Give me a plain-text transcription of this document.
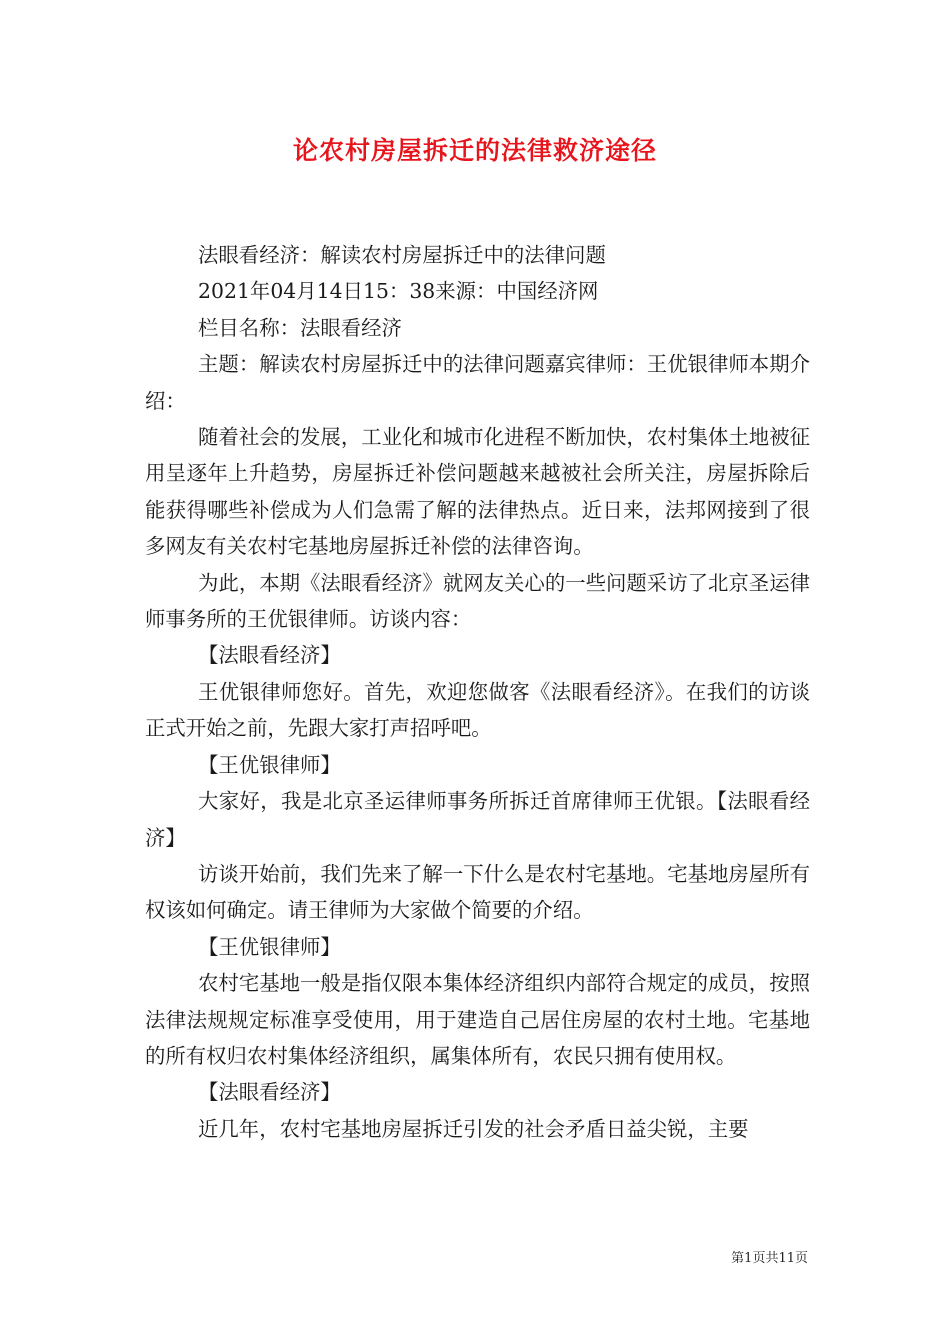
论农村房屋拆迁的法律救济途径

法眼看经济：解读农村房屋拆迁中的法律问题

2021年04月14日15：38来源：中国经济网

栏目名称：法眼看经济

主题：解读农村房屋拆迁中的法律问题嘉宾律师：王优银律师本期介绍：

随着社会的发展，工业化和城市化进程不断加快，农村集体土地被征用呈逐年上升趋势，房屋拆迁补偿问题越来越被社会所关注，房屋拆除后能获得哪些补偿成为人们急需了解的法律热点。近日来，法邦网接到了很多网友有关农村宅基地房屋拆迁补偿的法律咨询。

为此，本期《法眼看经济》就网友关心的一些问题采访了北京圣运律师事务所的王优银律师。访谈内容：

【法眼看经济】

王优银律师您好。首先，欢迎您做客《法眼看经济》。在我们的访谈正式开始之前，先跟大家打声招呼吧。

【王优银律师】

大家好，我是北京圣运律师事务所拆迁首席律师王优银。【法眼看经济】

访谈开始前，我们先来了解一下什么是农村宅基地。宅基地房屋所有权该如何确定。请王律师为大家做个简要的介绍。

【王优银律师】

农村宅基地一般是指仅限本集体经济组织内部符合规定的成员，按照法律法规规定标准享受使用，用于建造自己居住房屋的农村土地。宅基地的所有权归农村集体经济组织，属集体所有，农民只拥有使用权。

【法眼看经济】

近几年，农村宅基地房屋拆迁引发的社会矛盾日益尖锐，主要

第1页共11页
